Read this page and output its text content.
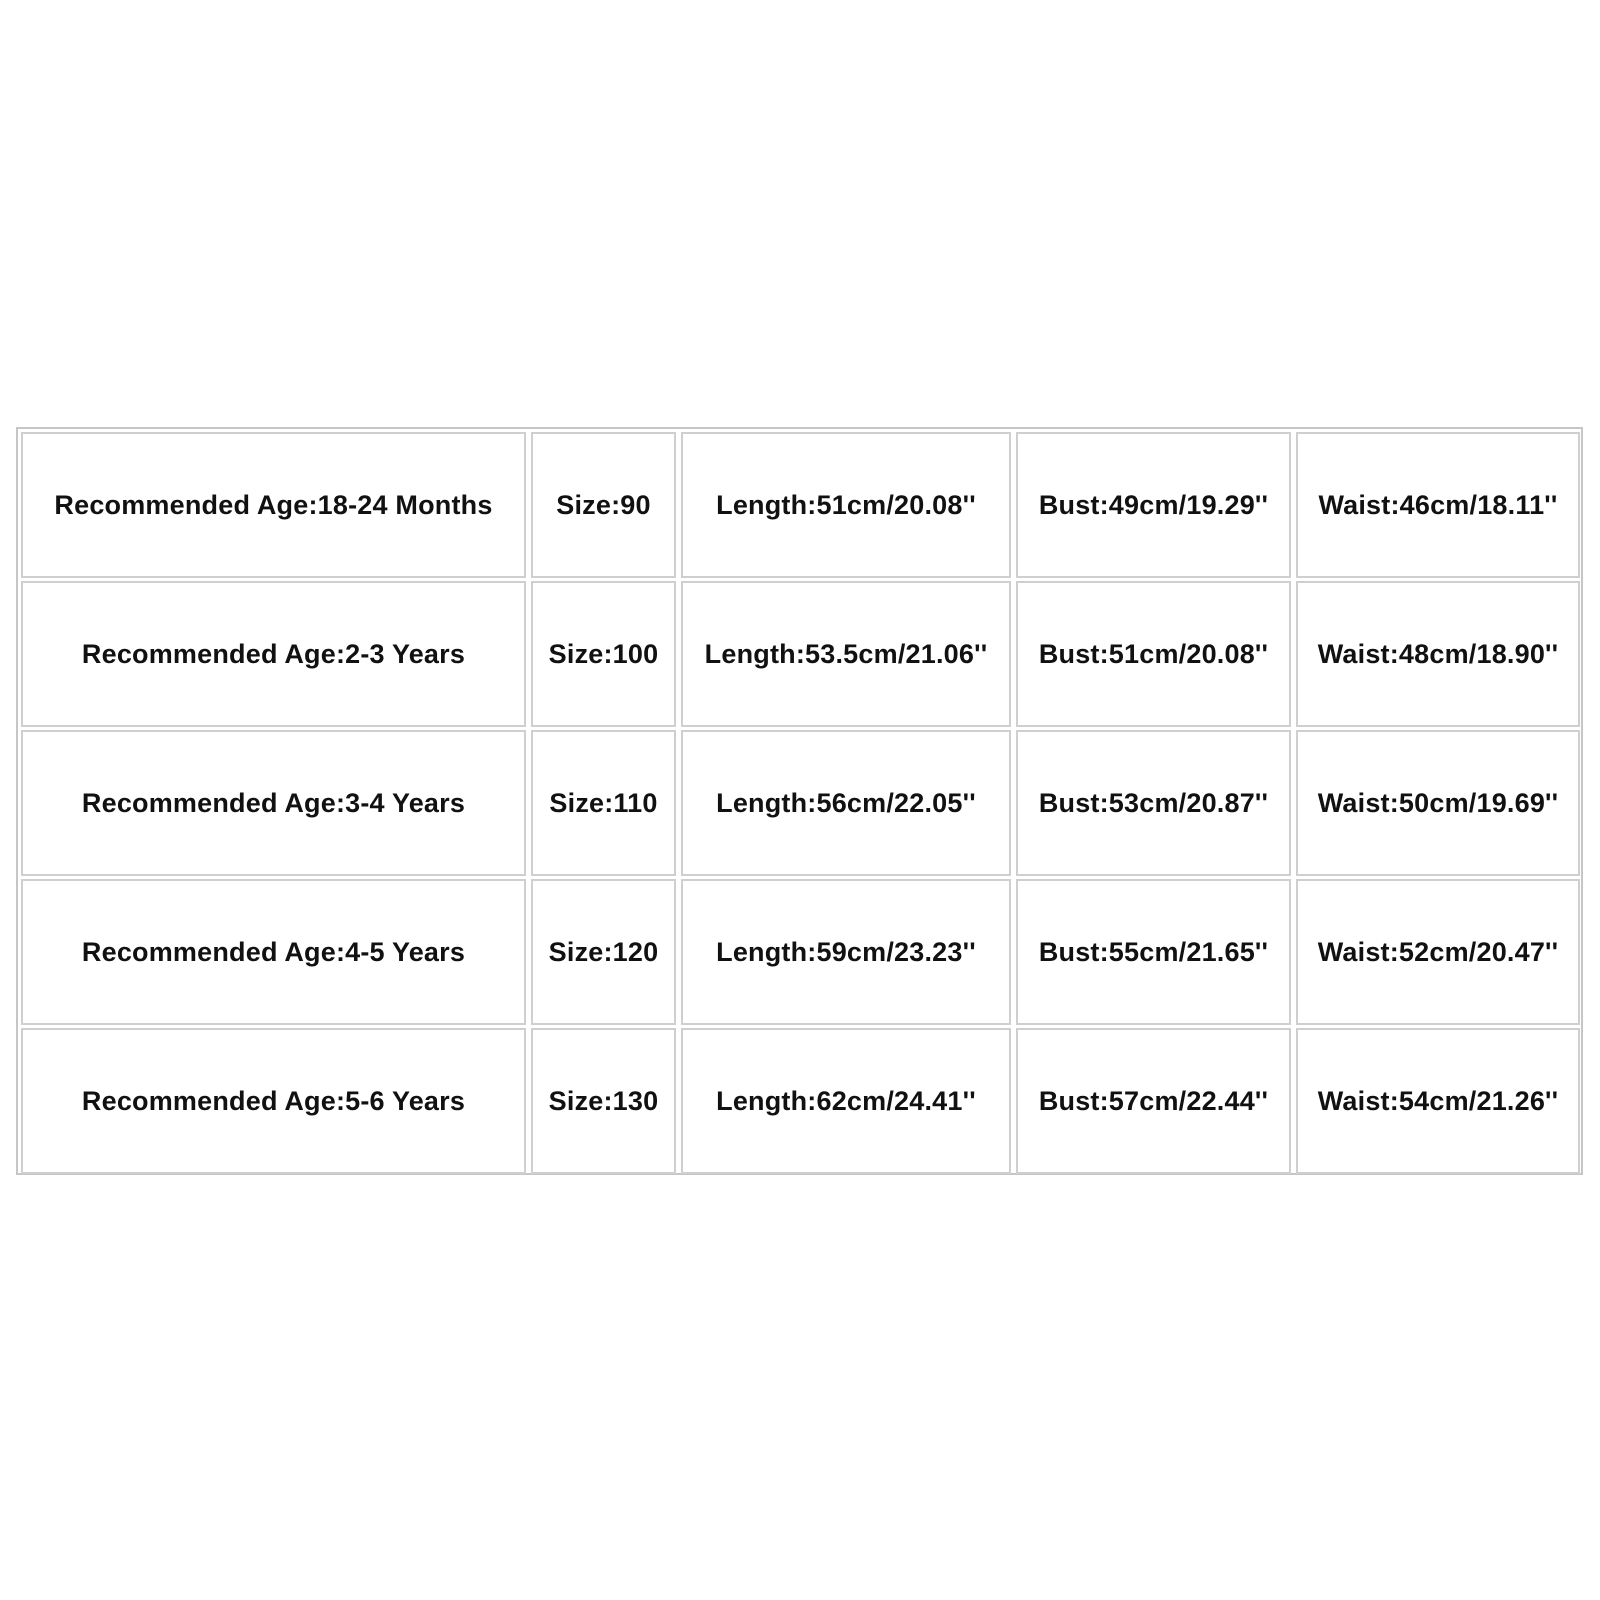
Recommended Age:18-24 Months	Size:90	Length:51cm/20.08''	Bust:49cm/19.29''	Waist:46cm/18.11''
Recommended Age:2-3 Years	Size:100	Length:53.5cm/21.06''	Bust:51cm/20.08''	Waist:48cm/18.90''
Recommended Age:3-4 Years	Size:110	Length:56cm/22.05''	Bust:53cm/20.87''	Waist:50cm/19.69''
Recommended Age:4-5 Years	Size:120	Length:59cm/23.23''	Bust:55cm/21.65''	Waist:52cm/20.47''
Recommended Age:5-6 Years	Size:130	Length:62cm/24.41''	Bust:57cm/22.44''	Waist:54cm/21.26''
